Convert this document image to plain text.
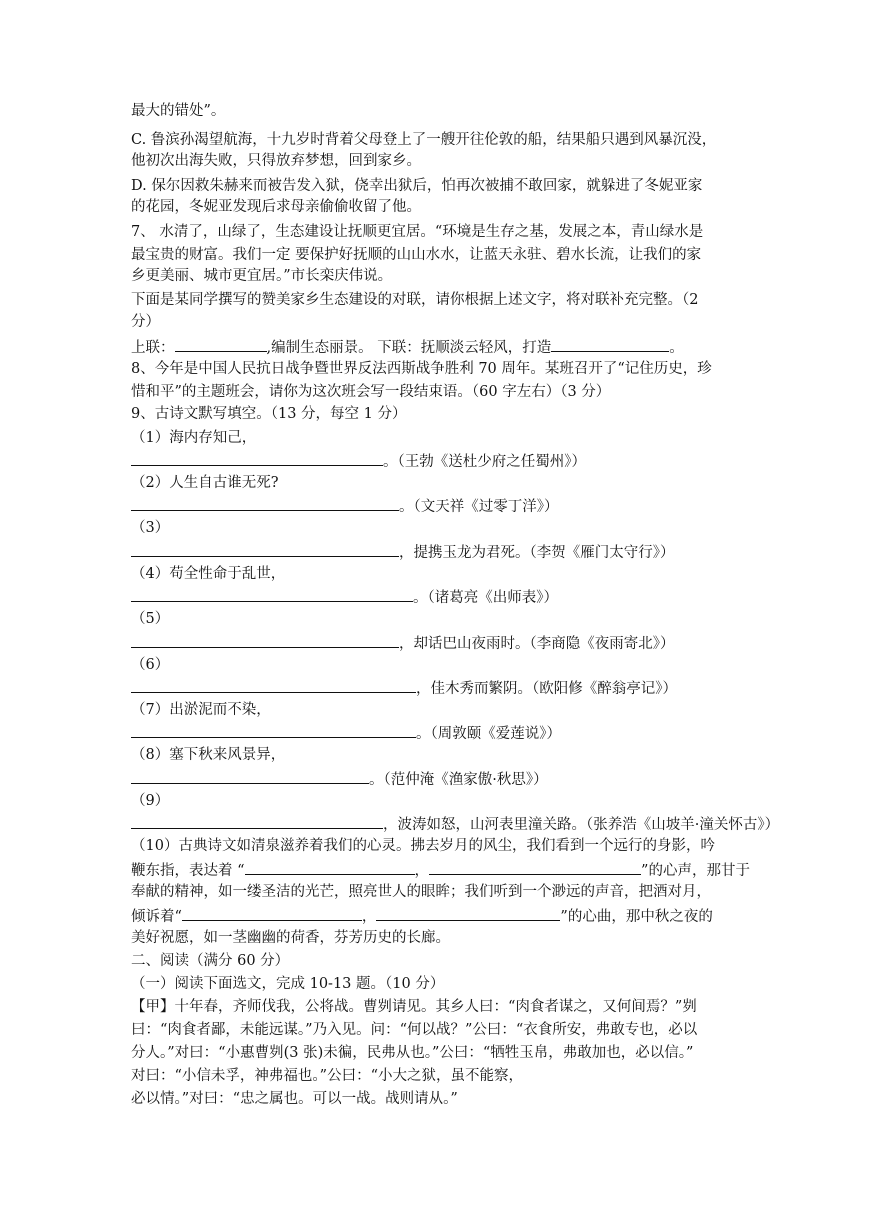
最大的错处”。
C. 鲁滨孙渴望航海，十九岁时背着父母登上了一艘开往伦敦的船，结果船只遇到风暴沉没，
他初次出海失败，只得放弃梦想，回到家乡。
D. 保尔因救朱赫来而被告发入狱，侥幸出狱后，怕再次被捕不敢回家，就躲进了冬妮亚家
的花园，冬妮亚发现后求母亲偷偷收留了他。
7、 水清了，山绿了，生态建设让抚顺更宜居。“环境是生存之基，发展之本，青山绿水是
最宝贵的财富。我们一定 要保护好抚顺的山山水水，让蓝天永驻、碧水长流，让我们的家
乡更美丽、城市更宜居。”市长栾庆伟说。
下面是某同学撰写的赞美家乡生态建设的对联，请你根据上述文字，将对联补充完整。（2
分）
上联：	,编制生态丽景。 下联：抚顺淡云轻风，打造	。
8、今年是中国人民抗日战争暨世界反法西斯战争胜利 70 周年。某班召开了“记住历史，珍
惜和平”的主题班会，请你为这次班会写一段结束语。（60 字左右）（3 分）
9、古诗文默写填空。（13 分，每空 1 分）
（1）海内存知己，
。（王勃《送杜少府之任蜀州》）
（2）人生自古谁无死?
。（文天祥《过零丁洋》）
（3）
，提携玉龙为君死。（李贺《雁门太守行》）
（4）苟全性命于乱世，
。（诸葛亮《出师表》）
（5）
，却话巴山夜雨时。（李商隐《夜雨寄北》）
（6）
，佳木秀而繁阴。（欧阳修《醉翁亭记》）
（7）出淤泥而不染，
。（周敦颐《爱莲说》）
（8）塞下秋来风景异，
。（范仲淹《渔家傲·秋思》）
（9）
，波涛如怒，山河表里潼关路。（张养浩《山坡羊·潼关怀古》）
（10）古典诗文如清泉滋养着我们的心灵。拂去岁月的风尘，我们看到一个远行的身影，吟
鞭东指，表达着 “	，	”的心声，那甘于
奉献的精神，如一缕圣洁的光芒，照亮世人的眼眸；我们听到一个渺远的声音，把酒对月，
倾诉着“	，	”的心曲，那中秋之夜的
美好祝愿，如一茎幽幽的荷香，芬芳历史的长廊。
二、阅读（满分 60 分）
（一）阅读下面选文，完成 10-13 题。（10 分）
【甲】十年春，齐师伐我，公将战。曹刿请见。其乡人曰：“肉食者谋之，又何间焉？”刿
曰：“肉食者鄙，未能远谋。”乃入见。问：“何以战？”公曰：“衣食所安，弗敢专也，必以
分人。”对曰：“小惠曹刿(3 张)未徧，民弗从也。”公曰：“牺牲玉帛，弗敢加也，必以信。”
对曰：“小信未孚，神弗福也。”公曰：“小大之狱，虽不能察，
必以情。”对曰：“忠之属也。可以一战。战则请从。”
